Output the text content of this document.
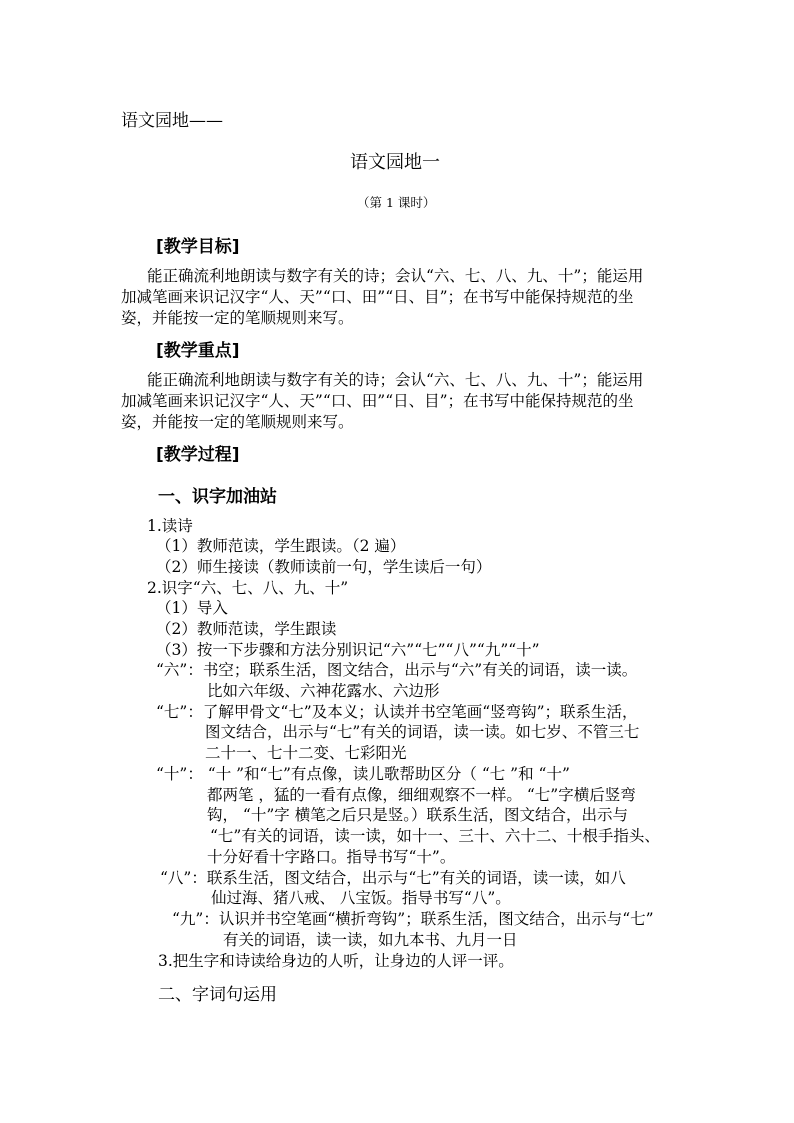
语文园地——
语文园地一
（第 1 课时）
[教学目标]
能正确流利地朗读与数字有关的诗；会认“六、七、八、九、十”；能运用
加减笔画来识记汉字“人、天”“口、田”“日、目”；在书写中能保持规范的坐
姿，并能按一定的笔顺规则来写。
[教学重点]
能正确流利地朗读与数字有关的诗；会认“六、七、八、九、十”；能运用
加减笔画来识记汉字“人、天”“口、田”“日、目”；在书写中能保持规范的坐
姿，并能按一定的笔顺规则来写。
[教学过程]
一、识字加油站
1.读诗
（1）教师范读，学生跟读。（2 遍）
（2）师生接读（教师读前一句，学生读后一句）
2.识字“六、七、八、九、十”
（1）导入
（2）教师范读，学生跟读
（3）按一下步骤和方法分别识记“六”“七”“八”“九”“十”
“六”：书空；联系生活，图文结合，出示与“六”有关的词语，读一读。
比如六年级、六神花露水、六边形
“七”：了解甲骨文“七”及本义；认读并书空笔画“竖弯钩”；联系生活，
图文结合，出示与“七”有关的词语，读一读。如七岁、不管三七
二十一、七十二变、七彩阳光
“十”： “十 ”和“七”有点像，读儿歌帮助区分（ “七 ”和 “十”
都两笔 ，猛的一看有点像，细细观察不一样。 “七”字横后竖弯
钩， “十”字 横笔之后只是竖。）联系生活，图文结合，出示与
“七”有关的词语，读一读，如十一、三十、六十二、十根手指头、
十分好看十字路口。指导书写“十”。
“八”：联系生活，图文结合，出示与“七”有关的词语，读一读，如八
仙过海、猪八戒、 八宝饭。指导书写“八”。
“九”：认识并书空笔画“横折弯钩”；联系生活，图文结合，出示与“七”
有关的词语，读一读，如九本书、九月一日
3.把生字和诗读给身边的人听，让身边的人评一评。
二、字词句运用
